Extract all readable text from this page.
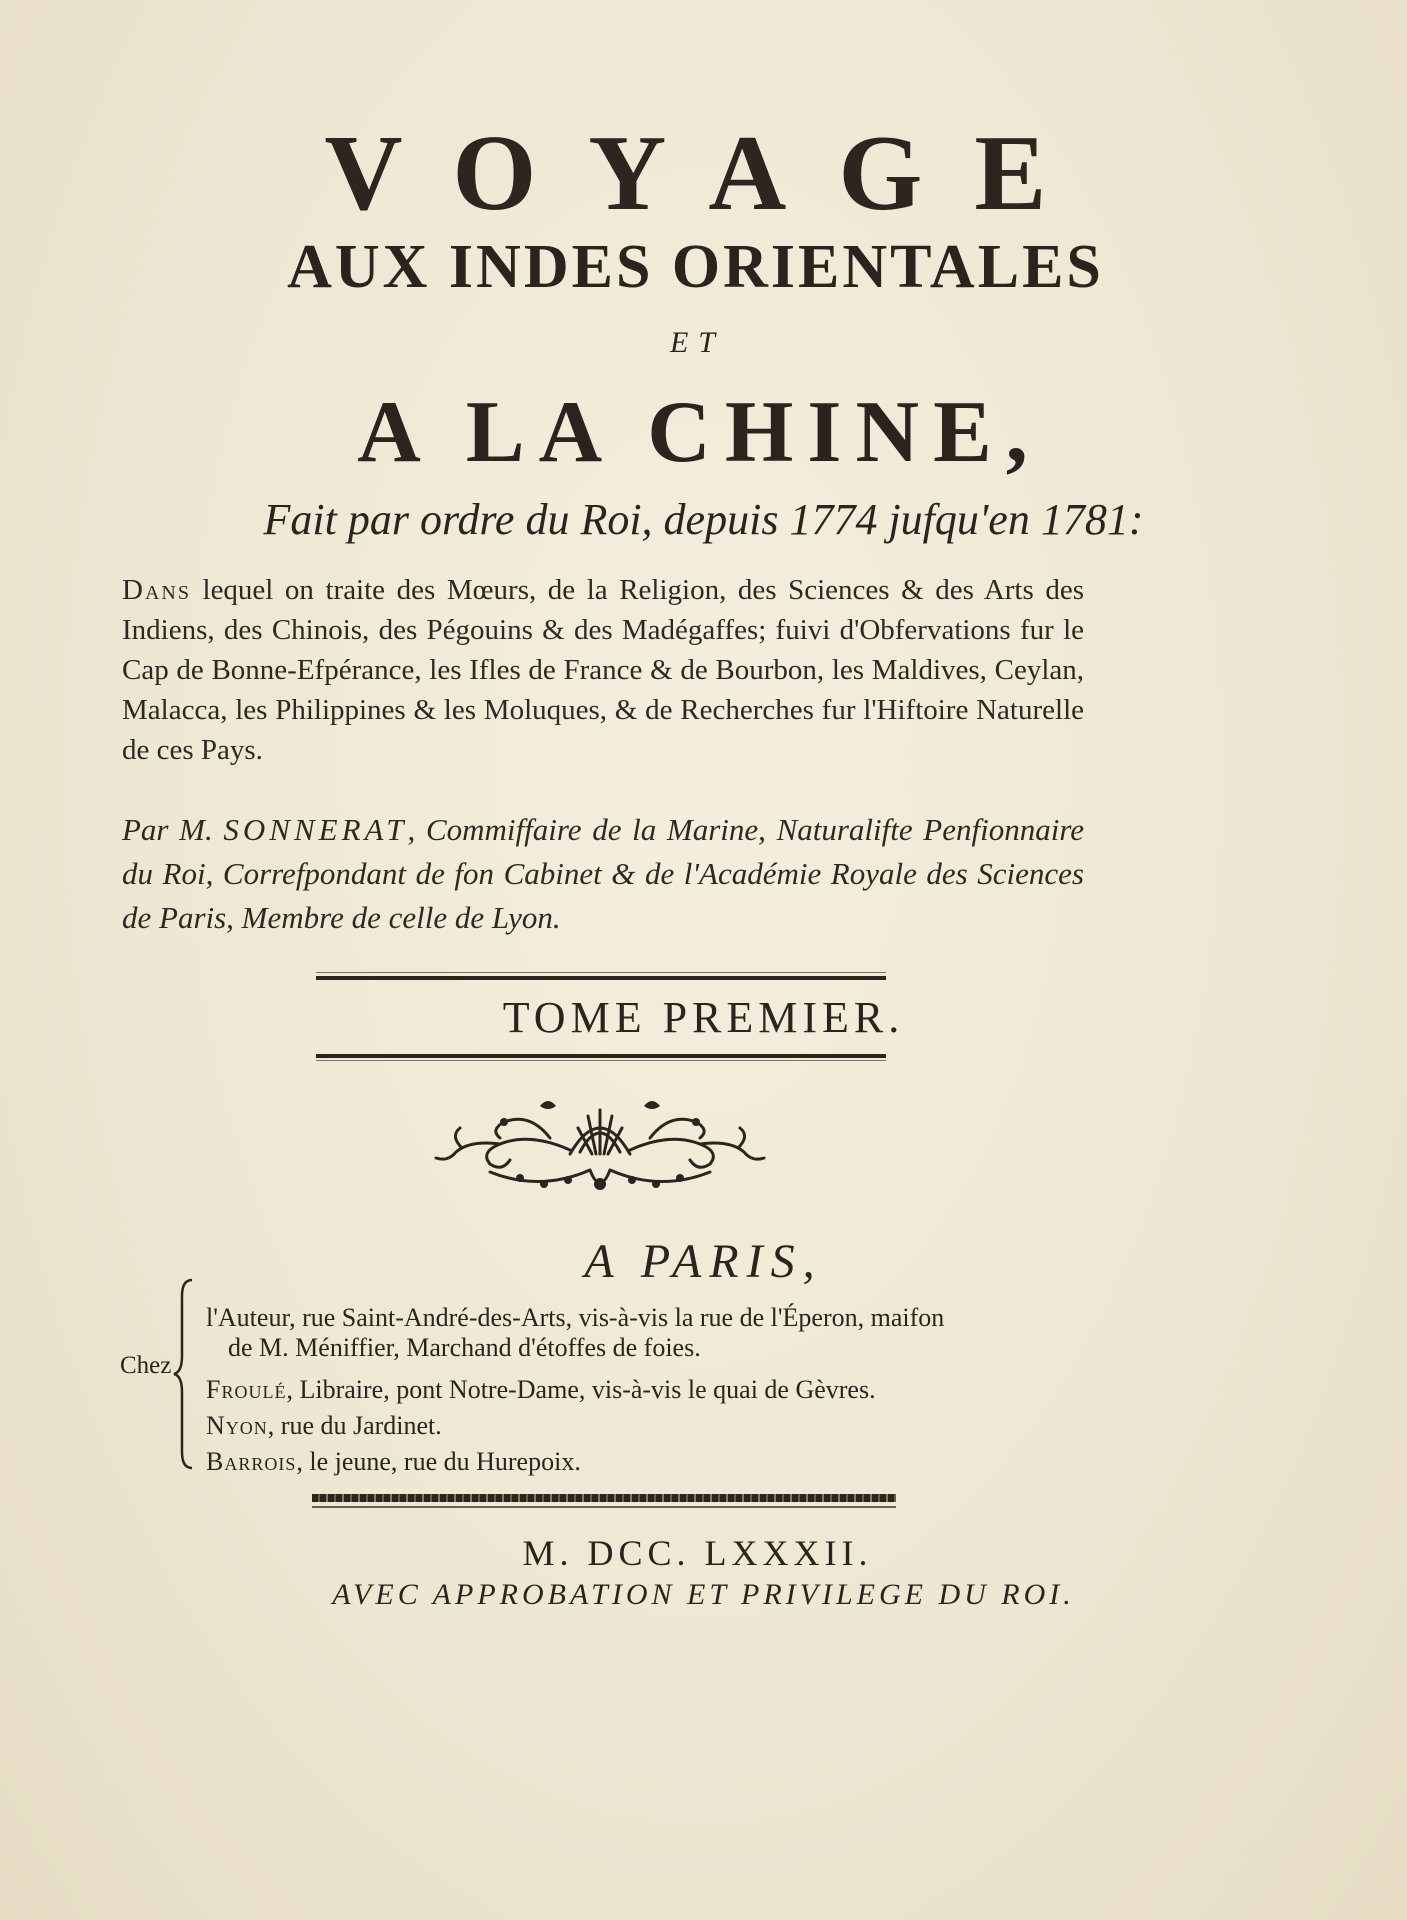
VOYAGE
AUX INDES ORIENTALES
ET
A LA CHINE,
Fait par ordre du Roi, depuis 1774 jufqu'en 1781:
Dans lequel on traite des Mœurs, de la Religion, des Sciences & des Arts des Indiens, des Chinois, des Pégouins & des Madégaffes; fuivi d'Obfervations fur le Cap de Bonne-Efpérance, les Ifles de France & de Bourbon, les Maldives, Ceylan, Malacca, les Philippines & les Moluques, & de Recherches fur l'Hiftoire Naturelle de ces Pays.
Par M. SONNERAT, Commiffaire de la Marine, Naturalifte Penfionnaire du Roi, Correfpondant de fon Cabinet & de l'Académie Royale des Sciences de Paris, Membre de celle de Lyon.
TOME PREMIER.
A PARIS,
Chez
l'Auteur, rue Saint-André-des-Arts, vis-à-vis la rue de l'Éperon, maifon
de M. Méniffier, Marchand d'étoffes de foies.
Froulé, Libraire, pont Notre-Dame, vis-à-vis le quai de Gèvres.
Nyon, rue du Jardinet.
Barrois, le jeune, rue du Hurepoix.
M. DCC. LXXXII.
AVEC APPROBATION ET PRIVILEGE DU ROI.
